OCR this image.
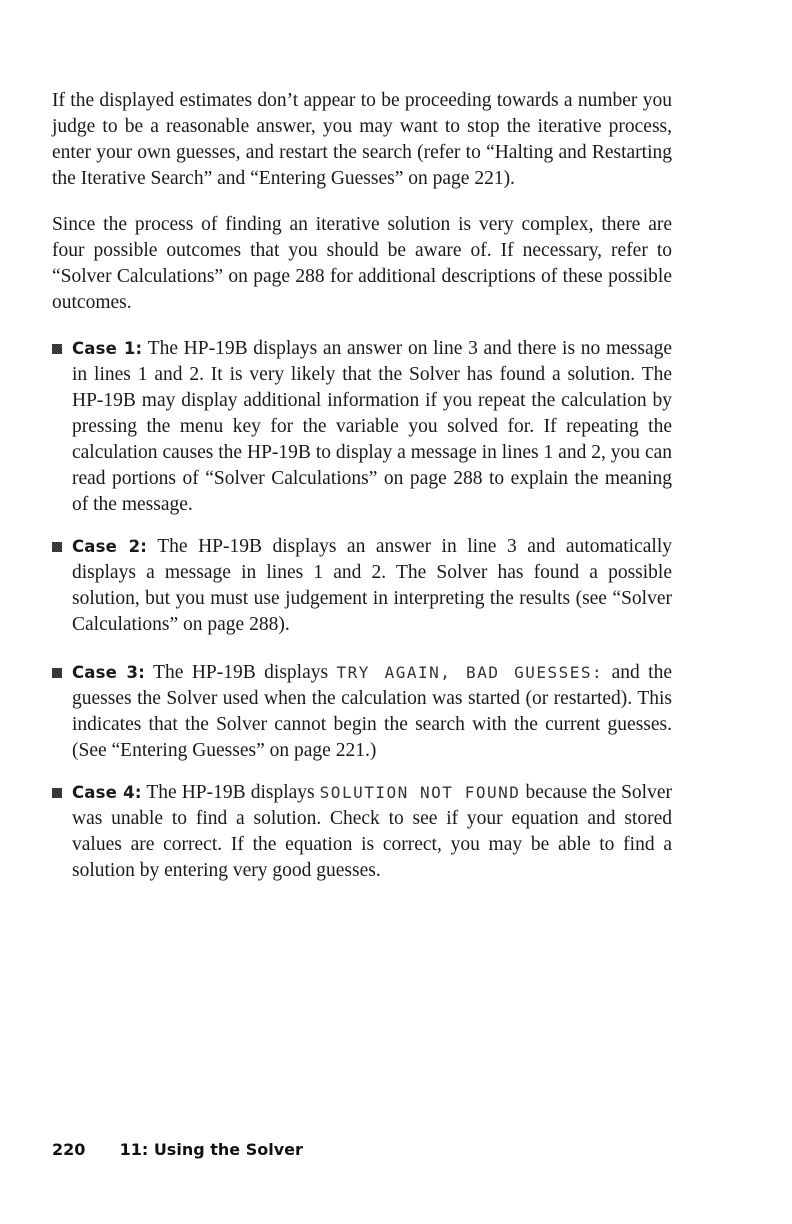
If the displayed estimates don’t appear to be proceeding towards a number you judge to be a reasonable answer, you may want to stop the iterative process, enter your own guesses, and restart the search (refer to “Halting and Restarting the Iterative Search” and “Entering Guesses” on page 221).

Since the process of finding an iterative solution is very complex, there are four possible outcomes that you should be aware of. If necessary, refer to “Solver Calculations” on page 288 for additional descriptions of these possible outcomes.

Case 1: The HP-19B displays an answer on line 3 and there is no message in lines 1 and 2. It is very likely that the Solver has found a solution. The HP-19B may display additional information if you repeat the calculation by pressing the menu key for the variable you solved for. If repeating the calculation causes the HP-19B to display a message in lines 1 and 2, you can read portions of “Solver Calculations” on page 288 to explain the meaning of the message.
Case 2: The HP-19B displays an answer in line 3 and automatically displays a message in lines 1 and 2. The Solver has found a possible solution, but you must use judgement in interpreting the results (see “Solver Calculations” on page 288).
Case 3: The HP-19B displays TRY AGAIN, BAD GUESSES: and the guesses the Solver used when the calculation was started (or restarted). This indicates that the Solver cannot begin the search with the current guesses. (See “Entering Guesses” on page 221.)
Case 4: The HP-19B displays SOLUTION NOT FOUND because the Solver was unable to find a solution. Check to see if your equation and stored values are correct. If the equation is correct, you may be able to find a solution by entering very good guesses.
220 11: Using the Solver
